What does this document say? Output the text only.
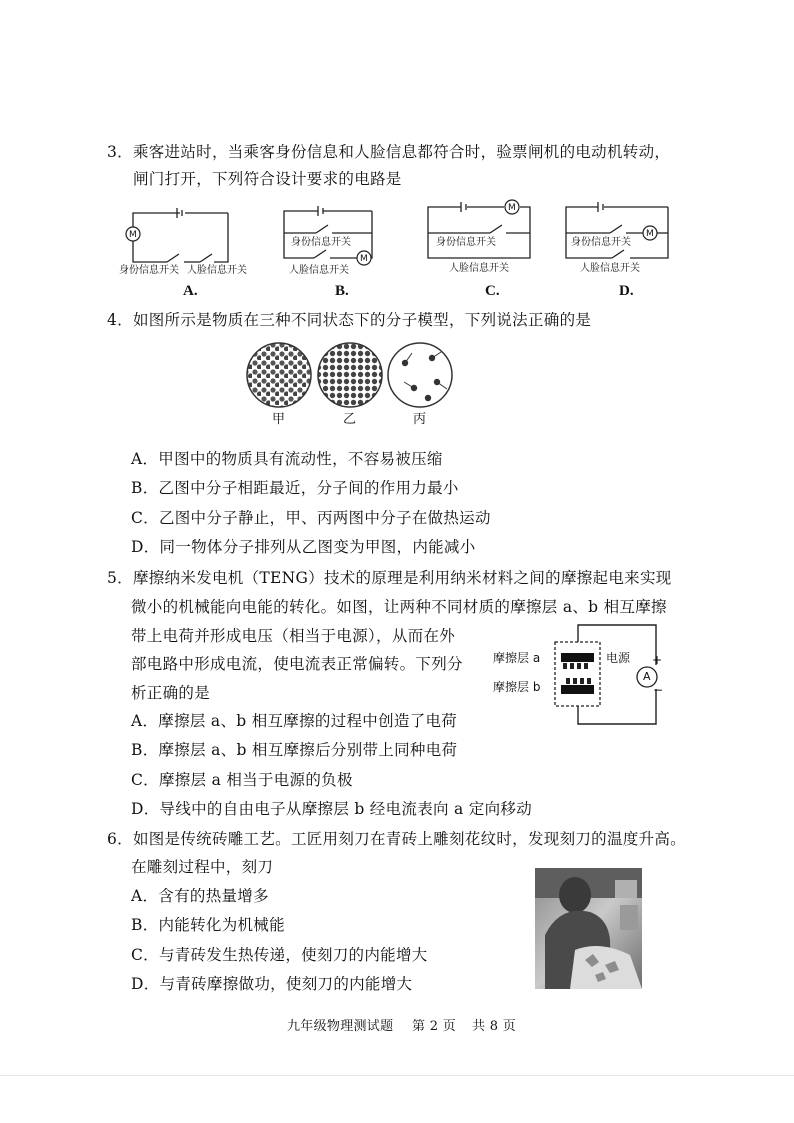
3．乘客进站时，当乘客身份信息和人脸信息都符合时，验票闸机的电动机转动，
闸门打开，下列符合设计要求的电路是
M
身份信息开关 人脸信息开关
A.
M
身份信息开关
人脸信息开关
B.
M
身份信息开关
人脸信息开关
C.
M
身份信息开关
人脸信息开关
D.
4．如图所示是物质在三种不同状态下的分子模型，下列说法正确的是
甲	乙	丙
A．甲图中的物质具有流动性，不容易被压缩
B．乙图中分子相距最近，分子间的作用力最小
C．乙图中分子静止，甲、丙两图中分子在做热运动
D．同一物体分子排列从乙图变为甲图，内能减小
5．摩擦纳米发电机（TENG）技术的原理是利用纳米材料之间的摩擦起电来实现
微小的机械能向电能的转化。如图，让两种不同材质的摩擦层 a、b 相互摩擦
带上电荷并形成电压（相当于电源），从而在外
部电路中形成电流，使电流表正常偏转。下列分
析正确的是
A
摩擦层 a
摩擦层 b
电源 +
−
A．摩擦层 a、b 相互摩擦的过程中创造了电荷
B．摩擦层 a、b 相互摩擦后分别带上同种电荷
C．摩擦层 a 相当于电源的负极
D．导线中的自由电子从摩擦层 b 经电流表向 a 定向移动
6．如图是传统砖雕工艺。工匠用刻刀在青砖上雕刻花纹时，发现刻刀的温度升高。
在雕刻过程中，刻刀
A．含有的热量增多
B．内能转化为机械能
C．与青砖发生热传递，使刻刀的内能增大
D．与青砖摩擦做功，使刻刀的内能增大
九年级物理测试题 第 2 页 共 8 页
